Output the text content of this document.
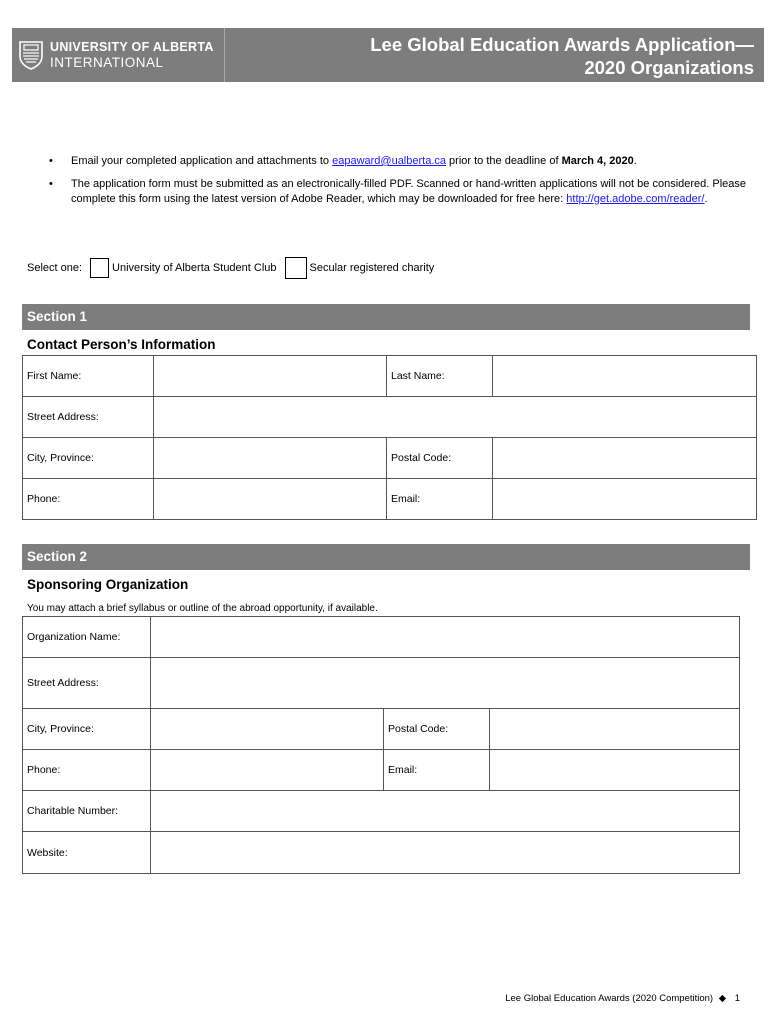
UNIVERSITY OF ALBERTA
INTERNATIONAL
Lee Global Education Awards Application—
2020 Organizations
• Email your completed application and attachments to eapaward@ualberta.ca prior to the deadline of March 4, 2020.
• The application form must be submitted as an electronically-filled PDF. Scanned or hand-written applications will not be considered. Please complete this form using the latest version of Adobe Reader, which may be downloaded for free here: http://get.adobe.com/reader/.
Select one:	University of Alberta Student Club	Secular registered charity
Section 1
Contact Person’s Information
First Name:		Last Name:	
Street Address:			
City, Province:		Postal Code:	
Phone:		Email:	
Section 2
Sponsoring Organization
You may attach a brief syllabus or outline of the abroad opportunity, if available.
Organization Name:			
Street Address:			
City, Province:		Postal Code:	
Phone:		Email:	
Charitable Number:			
Website:			
Lee Global Education Awards (2020 Competition) ◆ 1
